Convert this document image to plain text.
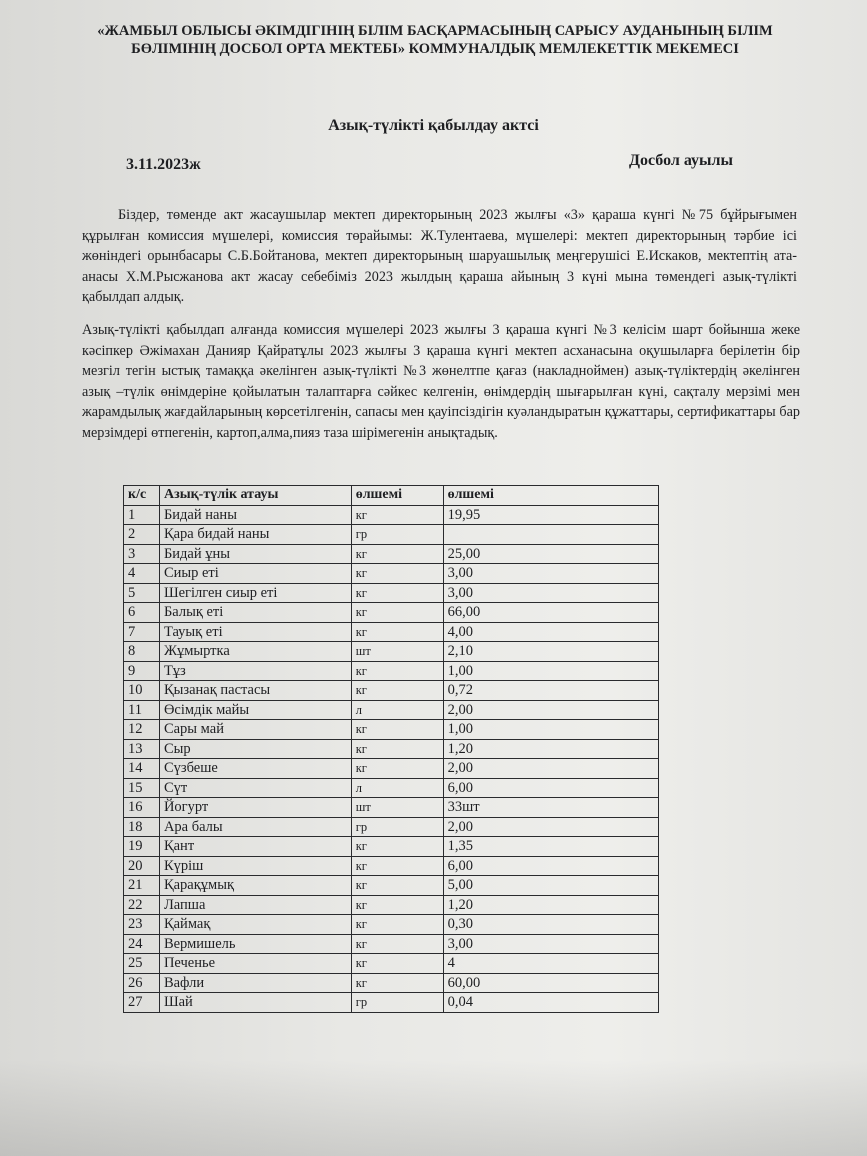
«ЖАМБЫЛ ОБЛЫСЫ ӘКІМДІГІНІҢ БІЛІМ БАСҚАРМАСЫНЫҢ САРЫСУ АУДАНЫНЫҢ БІЛІМ БӨЛІМІНІҢ ДОСБОЛ ОРТА МЕКТЕБІ» КОММУНАЛДЫҚ МЕМЛЕКЕТТІК МЕКЕМЕСІ
Азық-түлікті қабылдау актсі
3.11.2023ж	Досбол ауылы
Біздер, төменде акт жасаушылар мектеп директорының 2023 жылғы «3» қараша күнгі №75 бұйрығымен құрылған комиссия мүшелері, комиссия төрайымы: Ж.Тулентаева, мүшелері: мектеп директорының тәрбие ісі жөніндегі орынбасары С.Б.Бойтанова, мектеп директорының шаруашылық меңгерушісі Е.Искаков, мектептің ата-анасы Х.М.Рысжанова акт жасау себебіміз 2023 жылдың қараша айының 3 күні мына төмендегі азық-түлікті қабылдап алдық.
Азық-түлікті қабылдап алғанда комиссия мүшелері 2023 жылғы 3 қараша күнгі №3 келісім шарт бойынша жеке кәсіпкер Әжімахан Данияр Қайратұлы 2023 жылғы 3 қараша күнгі мектеп асханасына оқушыларға берілетін бір мезгіл тегін ыстық тамаққа әкелінген азық-түлікті №3 жөнелтпе қағаз (накладноймен) азық-түліктердің әкелінген азық –түлік өнімдеріне қойылатын талаптарға сәйкес келгенін, өнімдердің шығарылған күні, сақталу мерзімі мен жарамдылық жағдайларының көрсетілгенін, сапасы мен қауіпсіздігін куәландыратын құжаттары, сертификаттары бар мерзімдері өтпегенін, картоп,алма,пияз таза шірімегенін анықтадық.
к/с	Азық-түлік атауы	өлшемі	өлшемі
1	Бидай наны	кг	19,95
2	Қара бидай наны	гр	
3	Бидай ұны	кг	25,00
4	Сиыр еті	кг	3,00
5	Шегілген сиыр еті	кг	3,00
6	Балық еті	кг	66,00
7	Тауық еті	кг	4,00
8	Жұмыртка	шт	2,10
9	Тұз	кг	1,00
10	Қызанақ пастасы	кг	0,72
11	Өсімдік майы	л	2,00
12	Сары май	кг	1,00
13	Сыр	кг	1,20
14	Сүзбеше	кг	2,00
15	Сүт	л	6,00
16	Йогурт	шт	33шт
18	Ара балы	гр	2,00
19	Қант	кг	1,35
20	Күріш	кг	6,00
21	Қарақұмық	кг	5,00
22	Лапша	кг	1,20
23	Қаймақ	кг	0,30
24	Вермишель	кг	3,00
25	Печенье	кг	4
26	Вафли	кг	60,00
27	Шай	гр	0,04
